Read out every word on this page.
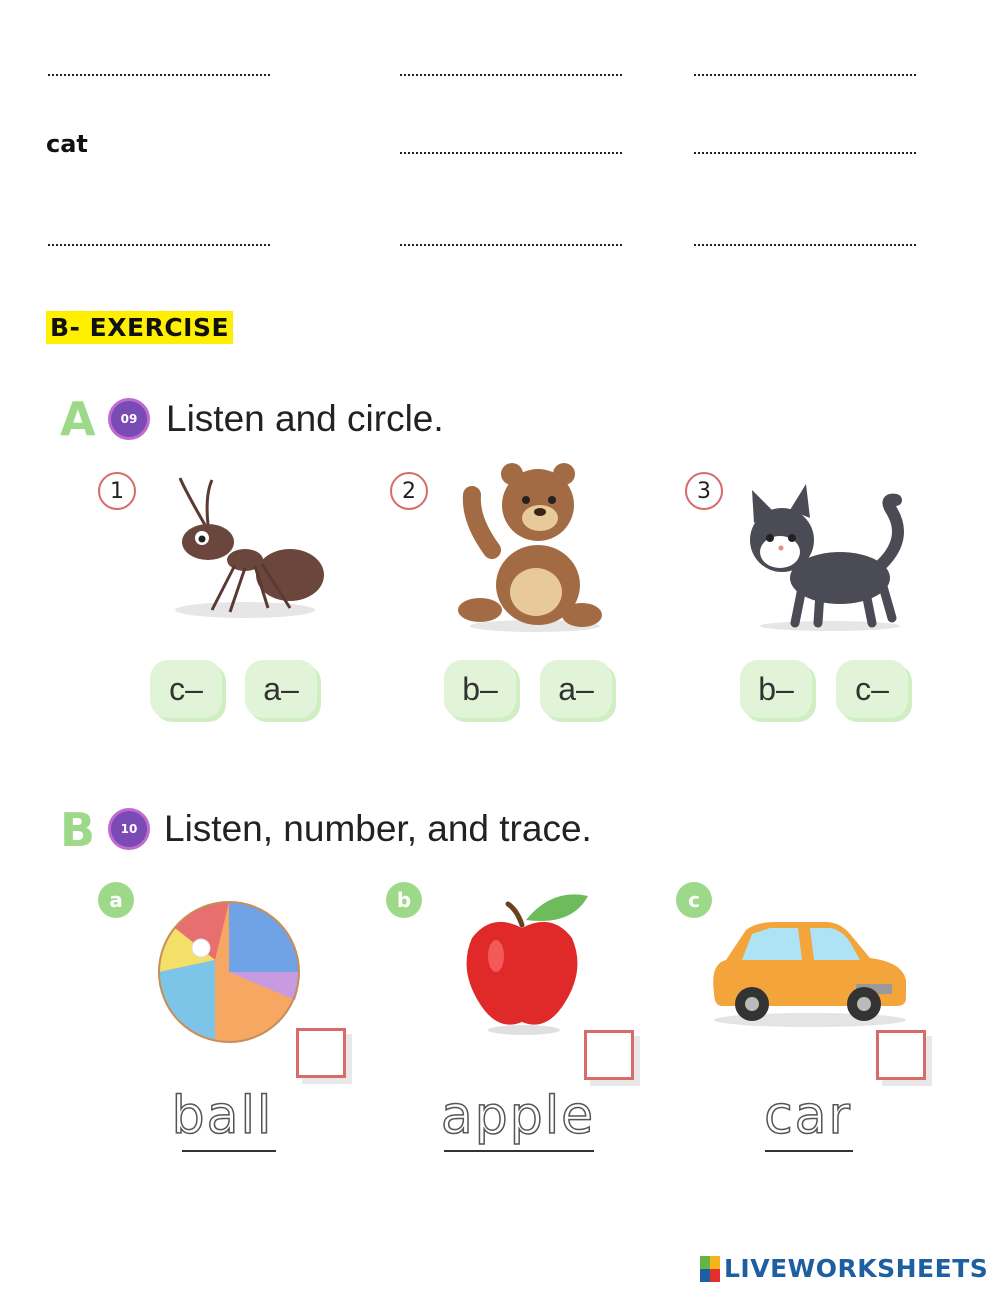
cat
B- EXERCISE
A	09 Listen and circle.
1
c–	a–
2
b–	a–
3
b–	c–
B	10 Listen, number, and trace.
a
ball
b
apple
c
car
LIVEWORKSHEETS
